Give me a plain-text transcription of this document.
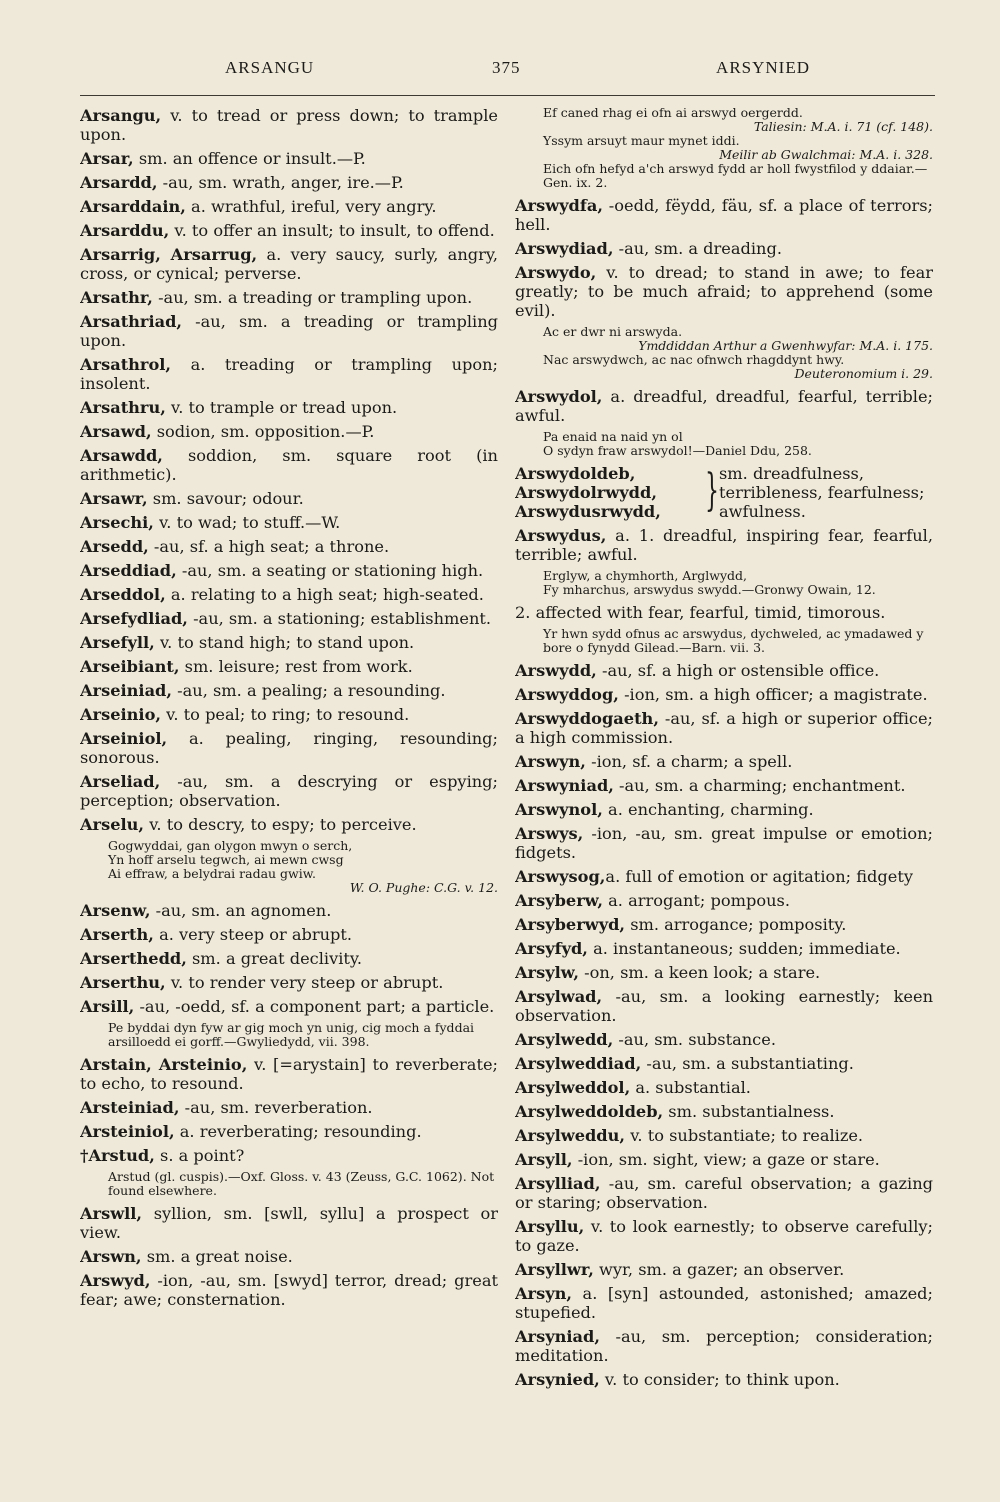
ARSANGU	375	ARSYNIED
Arsangu, v. to tread or press down; to trample upon.
Arsar, sm. an offence or insult.—P.
Arsardd, -au, sm. wrath, anger, ire.—P.
Arsarddain, a. wrathful, ireful, very angry.
Arsarddu, v. to offer an insult; to insult, to offend.
Arsarrig, Arsarrug, a. very saucy, surly, angry, cross, or cynical; perverse.
Arsathr, -au, sm. a treading or trampling upon.
Arsathriad, -au, sm. a treading or trampling upon.
Arsathrol, a. treading or trampling upon; insolent.
Arsathru, v. to trample or tread upon.
Arsawd, sodion, sm. opposition.—P.
Arsawdd, soddion, sm. square root (in arithmetic).
Arsawr, sm. savour; odour.
Arsechi, v. to wad; to stuff.—W.
Arsedd, -au, sf. a high seat; a throne.
Arseddiad, -au, sm. a seating or stationing high.
Arseddol, a. relating to a high seat; high-seated.
Arsefydliad, -au, sm. a stationing; establishment.
Arsefyll, v. to stand high; to stand upon.
Arseibiant, sm. leisure; rest from work.
Arseiniad, -au, sm. a pealing; a resounding.
Arseinio, v. to peal; to ring; to resound.
Arseiniol, a. pealing, ringing, resounding; sonorous.
Arseliad, -au, sm. a descrying or espying; perception; observation.
Arselu, v. to descry, to espy; to perceive.
Gogwyddai, gan olygon mwyn o serch,
Yn hoff arselu tegwch, ai mewn cwsg
Ai effraw, a belydrai radau gwiw.
W. O. Pughe: C.G. v. 12.
Arsenw, -au, sm. an agnomen.
Arserth, a. very steep or abrupt.
Arserthedd, sm. a great declivity.
Arserthu, v. to render very steep or abrupt.
Arsill, -au, -oedd, sf. a component part; a particle.
Pe byddai dyn fyw ar gig moch yn unig, cig moch a fyddai arsilloedd ei gorff.—Gwyliedydd, vii. 398.
Arstain, Arsteinio, v. [=arystain] to reverberate; to echo, to resound.
Arsteiniad, -au, sm. reverberation.
Arsteiniol, a. reverberating; resounding.
†Arstud, s. a point?
Arstud (gl. cuspis).—Oxf. Gloss. v. 43 (Zeuss, G.C. 1062). Not found elsewhere.
Arswll, syllion, sm. [swll, syllu] a prospect or view.
Arswn, sm. a great noise.
Arswyd, -ion, -au, sm. [swyd] terror, dread; great fear; awe; consternation.
Ef caned rhag ei ofn ai arswyd oergerdd.
Taliesin: M.A. i. 71 (cf. 148).
Yssym arsuyt maur mynet iddi.
Meilir ab Gwalchmai: M.A. i. 328.
Eich ofn hefyd a'ch arswyd fydd ar holl fwystfilod y ddaiar.—Gen. ix. 2.
Arswydfa, -oedd, fëydd, fäu, sf. a place of terrors; hell.
Arswydiad, -au, sm. a dreading.
Arswydo, v. to dread; to stand in awe; to fear greatly; to be much afraid; to apprehend (some evil).
Ac er dwr ni arswyda.
Ymddiddan Arthur a Gwenhwyfar: M.A. i. 175.
Nac arswydwch, ac nac ofnwch rhagddynt hwy.
Deuteronomium i. 29.
Arswydol, a. dreadful, dreadful, fearful, terrible; awful.
Pa enaid na naid yn ol
O sydyn fraw arswydol!—Daniel Ddu, 258.
Arswydoldeb,
Arswydolrwydd,
Arswydusrwydd,	} sm. dreadfulness, terribleness, fearfulness; awfulness.
Arswydus, a. 1. dreadful, inspiring fear, fearful, terrible; awful.
Erglyw, a chymhorth, Arglwydd,
Fy mharchus, arswydus swydd.—Gronwy Owain, 12.
2. affected with fear, fearful, timid, timorous.
Yr hwn sydd ofnus ac arswydus, dychweled, ac ymadawed y bore o fynydd Gilead.—Barn. vii. 3.
Arswydd, -au, sf. a high or ostensible office.
Arswyddog, -ion, sm. a high officer; a magistrate.
Arswyddogaeth, -au, sf. a high or superior office; a high commission.
Arswyn, -ion, sf. a charm; a spell.
Arswyniad, -au, sm. a charming; enchantment.
Arswynol, a. enchanting, charming.
Arswys, -ion, -au, sm. great impulse or emotion; fidgets.
Arswysog,a. full of emotion or agitation; fidgety
Arsyberw, a. arrogant; pompous.
Arsyberwyd, sm. arrogance; pomposity.
Arsyfyd, a. instantaneous; sudden; immediate.
Arsylw, -on, sm. a keen look; a stare.
Arsylwad, -au, sm. a looking earnestly; keen observation.
Arsylwedd, -au, sm. substance.
Arsylweddiad, -au, sm. a substantiating.
Arsylweddol, a. substantial.
Arsylweddoldeb, sm. substantialness.
Arsylweddu, v. to substantiate; to realize.
Arsyll, -ion, sm. sight, view; a gaze or stare.
Arsylliad, -au, sm. careful observation; a gazing or staring; observation.
Arsyllu, v. to look earnestly; to observe carefully; to gaze.
Arsyllwr, wyr, sm. a gazer; an observer.
Arsyn, a. [syn] astounded, astonished; amazed; stupefied.
Arsyniad, -au, sm. perception; consideration; meditation.
Arsynied, v. to consider; to think upon.
